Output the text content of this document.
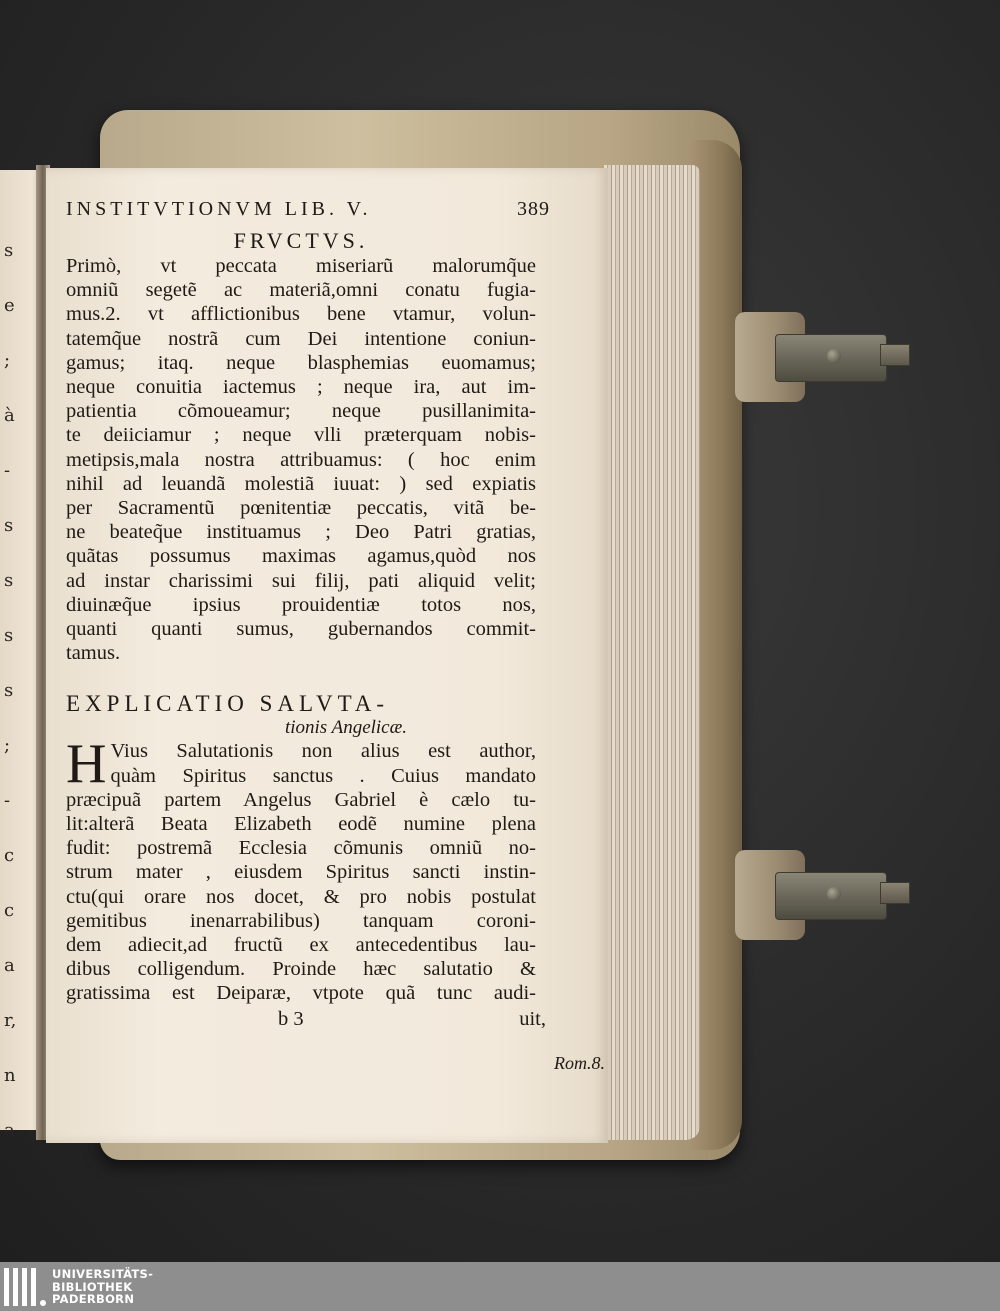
s
e
;
à
-
s
s
s
s
;
-
c
c
a
r,
n
a
INSTITVTIONVM LIB. V.	389
FRVCTVS.
Primò, vt peccata miseriarũ malorumq̃ue
omniũ segetẽ ac materiã,omni conatu fugia-
mus.2. vt afflictionibus bene vtamur, volun-
tatemq̃ue nostrã cum Dei intentione coniun-
gamus; itaq. neque blasphemias euomamus;
neque conuitia iactemus ; neque ira, aut im-
patientia cõmoueamur; neque pusillanimita-
te deiiciamur ; neque vlli præterquam nobis-
metipsis,mala nostra attribuamus: ( hoc enim
nihil ad leuandã molestiã iuuat: ) sed expiatis
per Sacramentũ pœnitentiæ peccatis, vitã be-
ne beateq̃ue instituamus ; Deo Patri gratias,
quãtas possumus maximas agamus,quòd nos
ad instar charissimi sui filij, pati aliquid velit;
diuinæq̃ue ipsius prouidentiæ totos nos,
quanti quanti sumus, gubernandos commit-
tamus.
EXPLICATIO SALVTA-
tionis Angelicæ.
H Vius Salutationis non alius est author,
quàm Spiritus sanctus . Cuius mandato
præcipuã partem Angelus Gabriel è cælo tu-
lit:alterã Beata Elizabeth eodẽ numine plena
fudit: postremã Ecclesia cõmunis omniũ no-
strum mater , eiusdem Spiritus sancti instin-
ctu(qui orare nos docet, & pro nobis postulat
gemitibus inenarrabilibus) tanquam coroni-
dem adiecit,ad fructũ ex antecedentibus lau-
dibus colligendum. Proinde hæc salutatio &
gratissima est Deiparæ, vtpote quã tunc audi-
b 3	uit,
Rom.8.
UNIVERSITÄTS-
BIBLIOTHEK
PADERBORN
